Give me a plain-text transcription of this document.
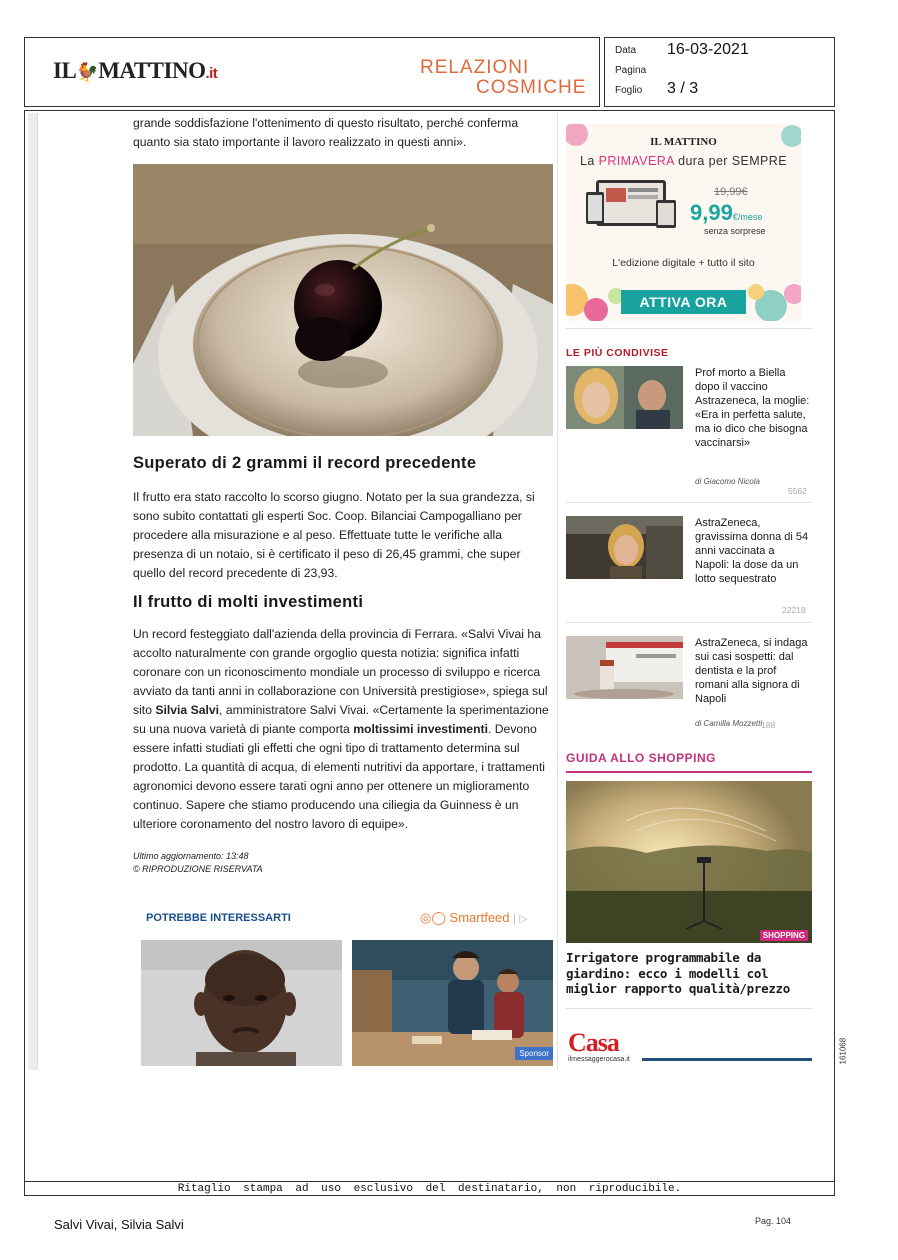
IL🐓MATTINO.it	RELAZIONI
COSMICHE
Data 16-03-2021
Pagina
Foglio 3 / 3

grande soddisfazione l'ottenimento di questo risultato, perché conferma quanto sia stato importante il lavoro realizzato in questi anni».

Superato di 2 grammi il record precedente

Il frutto era stato raccolto lo scorso giugno. Notato per la sua grandezza, si sono subito contattati gli esperti Soc. Coop. Bilanciai Campogalliano per procedere alla misurazione e al peso. Effettuate tutte le verifiche alla presenza di un notaio, si è certificato il peso di 26,45 grammi, che super quello del record precedente di 23,93.

Il frutto di molti investimenti

Un record festeggiato dall'azienda della provincia di Ferrara. «Salvi Vivai ha accolto naturalmente con grande orgoglio questa notizia: significa infatti coronare con un riconoscimento mondiale un processo di sviluppo e ricerca avviato da tanti anni in collaborazione con Università prestigiose», spiega sul sito Silvia Salvi, amministratore Salvi Vivai. «Certamente la sperimentazione su una nuova varietà di piante comporta moltissimi investimenti. Devono essere infatti studiati gli effetti che ogni tipo di trattamento determina sul prodotto. La quantità di acqua, di elementi nutritivi da apportare, i trattamenti agronomici devono essere tarati ogni anno per ottenere un miglioramento continuo. Sapere che stiamo producendo una ciliegia da Guinness è un ulteriore coronamento del nostro lavoro di equipe».

Ultimo aggiornamento: 13:48
© RIPRODUZIONE RISERVATA
POTREBBE INTERESSARTI	◎◯ Smartfeed | ▷
Sponsor
IL MATTINO
La PRIMAVERA dura per SEMPRE
19,99€
9,99€/mese
senza sorprese
L'edizione digitale + tutto il sito
ATTIVA ORA
LE PIÙ CONDIVISE
Prof morto a Biella dopo il vaccino Astrazeneca, la moglie: «Era in perfetta salute, ma io dico che bisogna vaccinarsi»
di Giacomo Nicola
5562
AstraZeneca, gravissima donna di 54 anni vaccinata a Napoli: la dose da un lotto sequestrato
22218
AstraZeneca, si indaga sui casi sospetti: dal dentista e la prof romani alla signora di Napoli
di Camilla Mozzetti
188
GUIDA ALLO SHOPPING
SHOPPING
Irrigatore programmabile da giardino: ecco i modelli col miglior rapporto qualità/prezzo
Casa
ilmessaggerocasa.it
Ritaglio stampa ad uso esclusivo del destinatario, non riproducibile.
161068
Salvi Vivai, Silvia Salvi	Pag. 104
